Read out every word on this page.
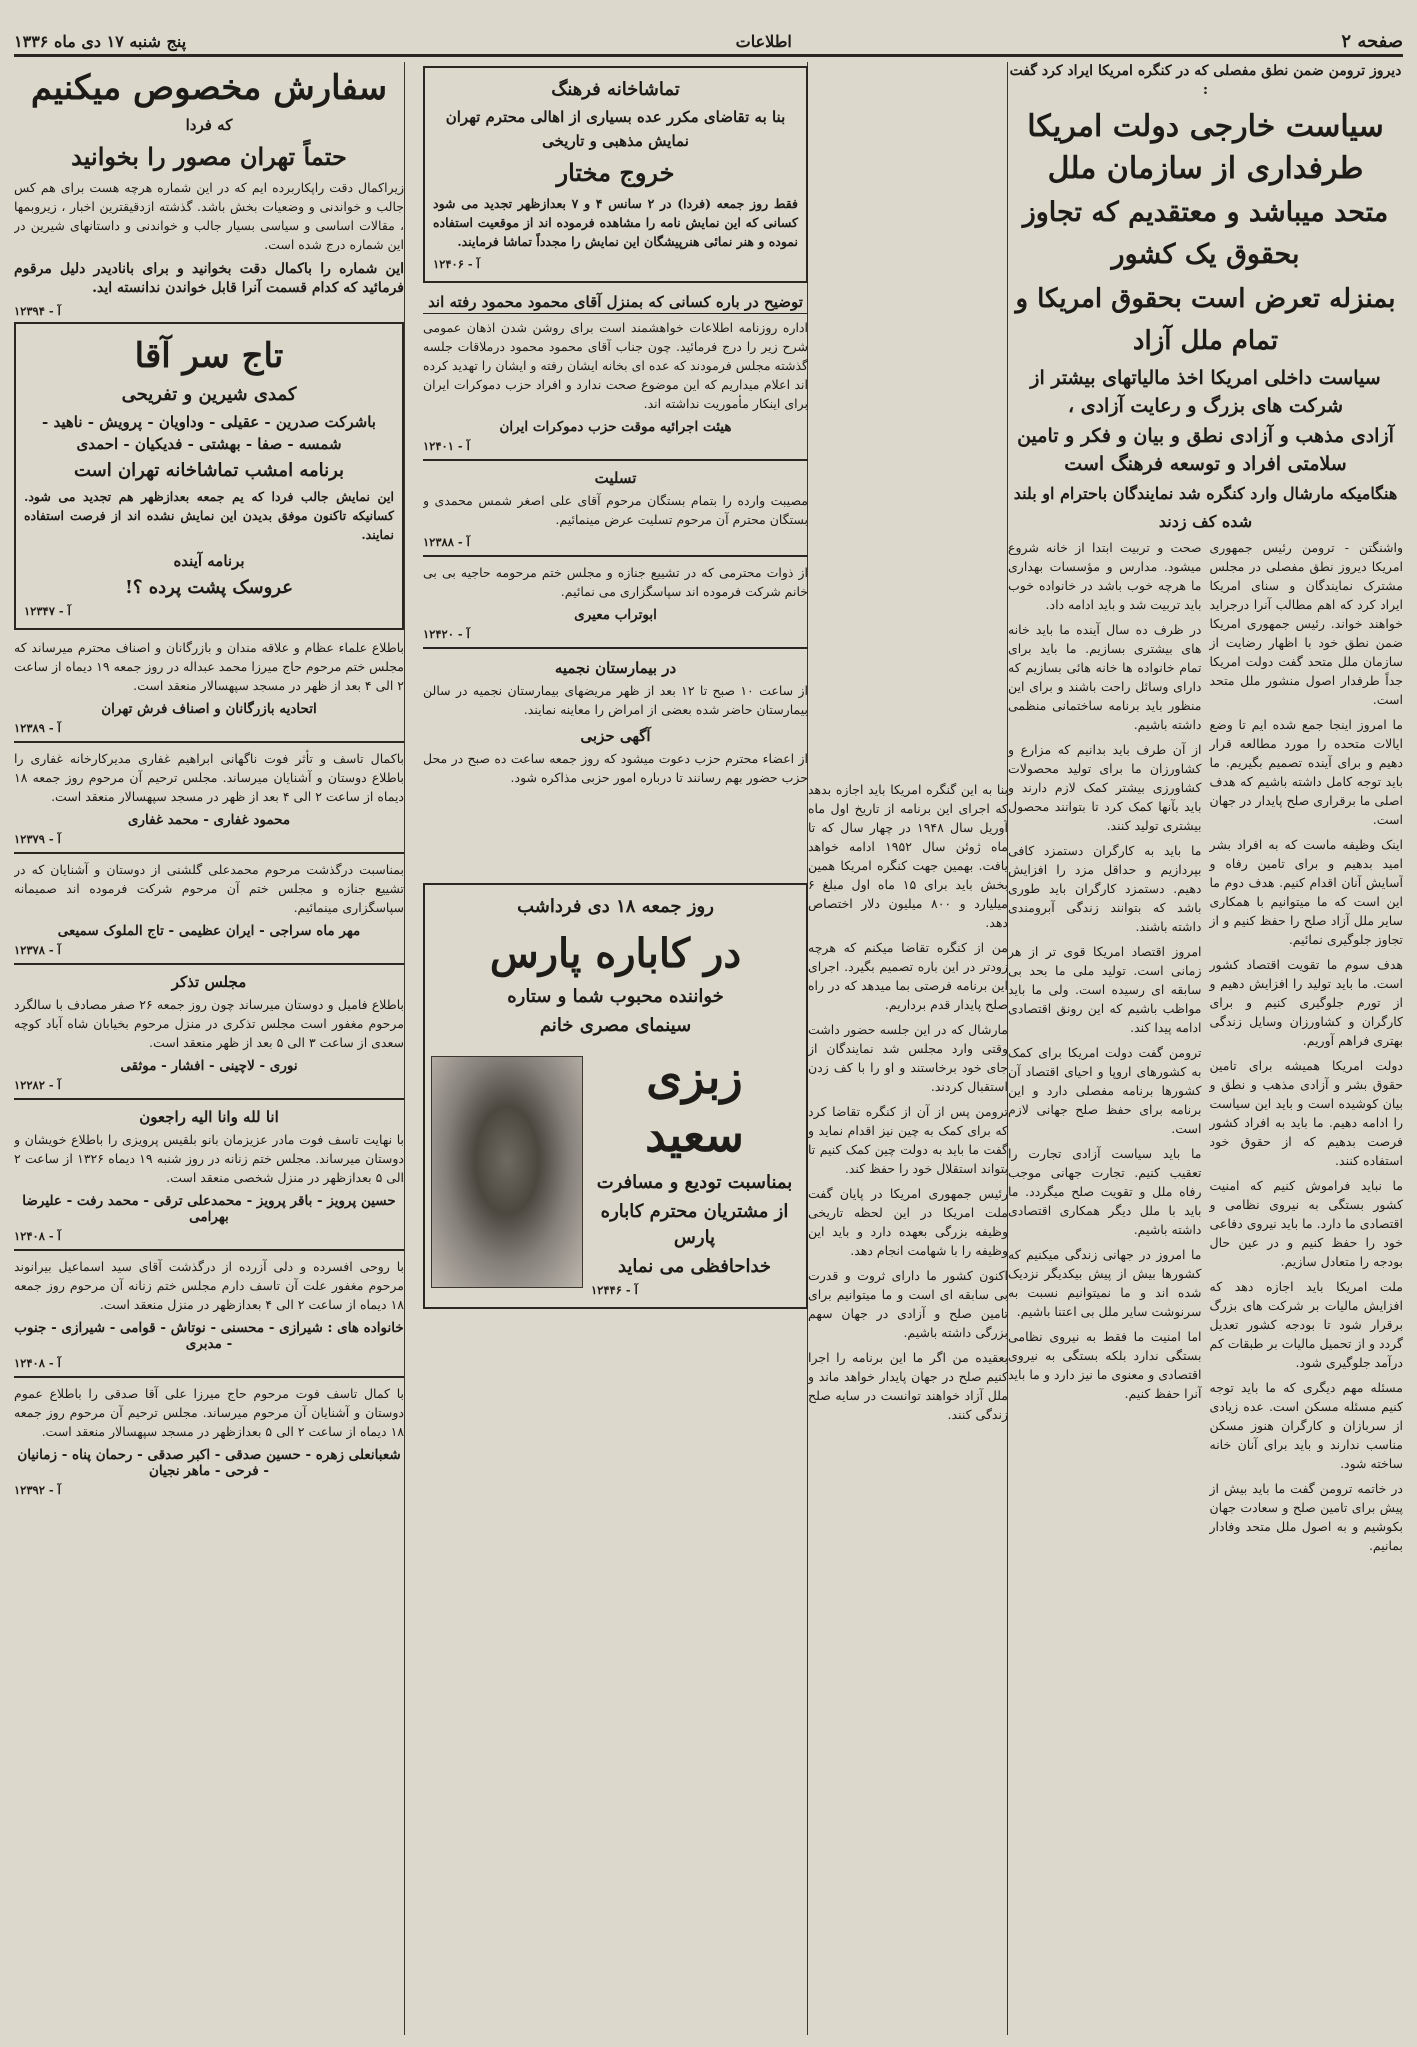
صفحه ۲
اطلاعات
پنج شنبه ۱۷ دی ماه ۱۳۳۶

دیروز ترومن ضمن نطق مفصلی که در کنگره امریکا ایراد کرد گفت :

سیاست خارجی دولت امریکا طرفداری از سازمان ملل
متحد میباشد و معتقدیم که تجاوز بحقوق یک کشور
بمنزله تعرض است بحقوق امریکا و تمام ملل آزاد
سیاست داخلی امریکا اخذ مالیاتهای بیشتر از شرکت های بزرگ و رعایت آزادی ،
آزادی مذهب و آزادی نطق و بیان و فکر و تامین سلامتی افراد و توسعه فرهنگ است
هنگامیکه مارشال وارد کنگره شد نمایندگان باحترام او بلند شده کف زدند

واشنگتن - ترومن رئیس جمهوری امریکا دیروز نطق مفصلی در مجلس مشترک نمایندگان و سنای امریکا ایراد کرد که اهم مطالب آنرا درجراید خواهند خواند. رئیس جمهوری امریکا ضمن نطق خود با اظهار رضایت از سازمان ملل متحد گفت دولت امریکا جداً طرفدار اصول منشور ملل متحد است.

ما امروز اینجا جمع شده ایم تا وضع ایالات متحده را مورد مطالعه قرار دهیم و برای آینده تصمیم بگیریم. ما باید توجه کامل داشته باشیم که هدف اصلی ما برقراری صلح پایدار در جهان است.

اینک وظیفه ماست که به افراد بشر امید بدهیم و برای تامین رفاه و آسایش آنان اقدام کنیم. هدف دوم ما این است که ما میتوانیم با همکاری سایر ملل آزاد صلح را حفظ کنیم و از تجاوز جلوگیری نمائیم.

هدف سوم ما تقویت اقتصاد کشور است. ما باید تولید را افزایش دهیم و از تورم جلوگیری کنیم و برای کارگران و کشاورزان وسایل زندگی بهتری فراهم آوریم.

دولت امریکا همیشه برای تامین حقوق بشر و آزادی مذهب و نطق و بیان کوشیده است و باید این سیاست را ادامه دهیم. ما باید به افراد کشور فرصت بدهیم که از حقوق خود استفاده کنند.

ما نباید فراموش کنیم که امنیت کشور بستگی به نیروی نظامی و اقتصادی ما دارد. ما باید نیروی دفاعی خود را حفظ کنیم و در عین حال بودجه را متعادل سازیم.

ملت امریکا باید اجازه دهد که افزایش مالیات بر شرکت های بزرگ برقرار شود تا بودجه کشور تعدیل گردد و از تحمیل مالیات بر طبقات کم درآمد جلوگیری شود.

مسئله مهم دیگری که ما باید توجه کنیم مسئله مسکن است. عده زیادی از سربازان و کارگران هنوز مسکن مناسب ندارند و باید برای آنان خانه ساخته شود.

در خاتمه ترومن گفت ما باید بیش از پیش برای تامین صلح و سعادت جهان بکوشیم و به اصول ملل متحد وفادار بمانیم.

صحت و تربیت ابتدا از خانه شروع میشود. مدارس و مؤسسات بهداری ما هرچه خوب باشد در خانواده خوب باید تربیت شد و باید ادامه داد.

در ظرف ده سال آینده ما باید خانه های بیشتری بسازیم. ما باید برای تمام خانواده ها خانه هائی بسازیم که دارای وسائل راحت باشند و برای این منظور باید برنامه ساختمانی منظمی داشته باشیم.

از آن طرف باید بدانیم که مزارع و کشاورزان ما برای تولید محصولات کشاورزی بیشتر کمک لازم دارند و باید بآنها کمک کرد تا بتوانند محصول بیشتری تولید کنند.

ما باید به کارگران دستمزد کافی بپردازیم و حداقل مزد را افزایش دهیم. دستمزد کارگران باید طوری باشد که بتوانند زندگی آبرومندی داشته باشند.

امروز اقتصاد امریکا قوی تر از هر زمانی است. تولید ملی ما بحد بی سابقه ای رسیده است. ولی ما باید مواظب باشیم که این رونق اقتصادی ادامه پیدا کند.

ترومن گفت دولت امریکا برای کمک به کشورهای اروپا و احیای اقتصاد آن کشورها برنامه مفصلی دارد و این برنامه برای حفظ صلح جهانی لازم است.

ما باید سیاست آزادی تجارت را تعقیب کنیم. تجارت جهانی موجب رفاه ملل و تقویت صلح میگردد. ما باید با ملل دیگر همکاری اقتصادی داشته باشیم.

ما امروز در جهانی زندگی میکنیم که کشورها بیش از پیش بیکدیگر نزدیک شده اند و ما نمیتوانیم نسبت به سرنوشت سایر ملل بی اعتنا باشیم.

اما امنیت ما فقط به نیروی نظامی بستگی ندارد بلکه بستگی به نیروی اقتصادی و معنوی ما نیز دارد و ما باید آنرا حفظ کنیم.

بنا به این گنگره امریکا باید اجازه بدهد که اجرای این برنامه از تاریخ اول ماه آوریل سال ۱۹۴۸ در چهار سال که تا ماه ژوئن سال ۱۹۵۲ ادامه خواهد یافت. بهمین جهت کنگره امریکا همین بخش باید برای ۱۵ ماه اول مبلغ ۶ میلیارد و ۸۰۰ میلیون دلار اختصاص دهد.

من از کنگره تقاضا میکنم که هرچه زودتر در این باره تصمیم بگیرد. اجرای این برنامه فرصتی بما میدهد که در راه صلح پایدار قدم برداریم.

مارشال که در این جلسه حضور داشت وقتی وارد مجلس شد نمایندگان از جای خود برخاستند و او را با کف زدن استقبال کردند.

ترومن پس از آن از کنگره تقاضا کرد که برای کمک به چین نیز اقدام نماید و گفت ما باید به دولت چین کمک کنیم تا بتواند استقلال خود را حفظ کند.

رئیس جمهوری امریکا در پایان گفت ملت امریکا در این لحظه تاریخی وظیفه بزرگی بعهده دارد و باید این وظیفه را با شهامت انجام دهد.

اکنون کشور ما دارای ثروت و قدرت بی سابقه ای است و ما میتوانیم برای تامین صلح و آزادی در جهان سهم بزرگی داشته باشیم.

بعقیده من اگر ما این برنامه را اجرا کنیم صلح در جهان پایدار خواهد ماند و ملل آزاد خواهند توانست در سایه صلح زندگی کنند.

تماشاخانه فرهنگ
بنا به تقاضای مکرر عده بسیاری از اهالی محترم تهران
نمایش مذهبی و تاریخی
خروج مختار

فقط روز جمعه (فردا) در ۲ سانس ۴ و ۷ بعدازظهر تجدید می شود کسانی که این نمایش نامه را مشاهده فرموده اند از موقعیت استفاده نموده و هنر نمائی هنرپیشگان این نمایش را مجدداً تماشا فرمایند.

آ - ۱۲۴۰۶
توضیح در باره کسانی که بمنزل آقای محمود محمود رفته اند

اداره روزنامه اطلاعات خواهشمند است برای روشن شدن اذهان عمومی شرح زیر را درج فرمائید. چون جناب آقای محمود محمود درملاقات جلسه گذشته مجلس فرمودند که عده ای بخانه ایشان رفته و ایشان را تهدید کرده اند اعلام میداریم که این موضوع صحت ندارد و افراد حزب دموکرات ایران برای اینکار مأموریت نداشته اند.

هیئت اجرائیه موقت حزب دموکرات ایران
آ - ۱۲۴۰۱
تسلیت

مصیبت وارده را بتمام بستگان مرحوم آقای علی اصغر شمس محمدی و بستگان محترم آن مرحوم تسلیت عرض مینمائیم.

آ - ۱۲۳۸۸

از ذوات محترمی که در تشییع جنازه و مجلس ختم مرحومه حاجیه بی بی خانم شرکت فرموده اند سپاسگزاری می نمائیم.

ابوتراب معیری
آ - ۱۲۴۲۰
در بیمارستان نجمیه

از ساعت ۱۰ صبح تا ۱۲ بعد از ظهر مریضهای بیمارستان نجمیه در سالن بیمارستان حاضر شده بعضی از امراض را معاینه نمایند.

آگهی حزبی

از اعضاء محترم حزب دعوت میشود که روز جمعه ساعت ده صبح در محل حزب حضور بهم رسانند تا درباره امور حزبی مذاکره شود.

روز جمعه ۱۸ دی فرداشب
در کاباره پارس
خواننده محبوب شما و ستاره
سینمای مصری خانم
زبزی سعید
بمناسبت تودیع و مسافرت
از مشتریان محترم کاباره پارس
خداحافظی می نماید
آ - ۱۲۴۴۶
سفارش مخصوص میکنیم
که فردا
حتماً تهران مصور را بخوانید

زیراکمال دقت راپکاربرده ایم که در این شماره هرچه هست برای هم کس جالب و خواندنی و وضعیات بخش باشد. گذشته ازدقیقترین اخبار ، زیروبمها ، مقالات اساسی و سیاسی بسیار جالب و خواندنی و داستانهای شیرین در این شماره درج شده است.

این شماره را باکمال دقت بخوانید و برای بانادیدر دلیل مرقوم فرمائید که کدام قسمت آنرا قابل خواندن ندانسته اید.

آ - ۱۲۳۹۴
تاج سر آقا
کمدی شیرین و تفریحی
باشرکت صدرین - عقیلی - وداویان - پرویش - ناهید - شمسه - صفا - بهشتی - فدیکیان - احمدی
برنامه امشب تماشاخانه تهران است

این نمایش جالب فردا که یم جمعه بعدازظهر هم تجدید می شود. کسانیکه تاکنون موفق بدیدن این نمایش نشده اند از فرصت استفاده نمایند.

برنامه آینده
عروسک پشت پرده ؟!
آ - ۱۲۳۴۷

باطلاع علماء عظام و علاقه مندان و بازرگانان و اصناف محترم میرساند که مجلس ختم مرحوم حاج میرزا محمد عبداله در روز جمعه ۱۹ دیماه از ساعت ۲ الی ۴ بعد از ظهر در مسجد سپهسالار منعقد است.

اتحادیه بازرگانان و اصناف فرش تهران
آ - ۱۲۳۸۹

باکمال تاسف و تأثر فوت ناگهانی ابراهیم غفاری مدیرکارخانه غفاری را باطلاع دوستان و آشنایان میرساند. مجلس ترحیم آن مرحوم روز جمعه ۱۸ دیماه از ساعت ۲ الی ۴ بعد از ظهر در مسجد سپهسالار منعقد است.

محمود غفاری - محمد غفاری
آ - ۱۲۳۷۹

بمناسبت درگذشت مرحوم محمدعلی گلشنی از دوستان و آشنایان که در تشییع جنازه و مجلس ختم آن مرحوم شرکت فرموده اند صمیمانه سپاسگزاری مینمائیم.

مهر ماه سراجی - ایران عظیمی - تاج الملوک سمیعی
آ - ۱۲۳۷۸
مجلس تذکر

باطلاع فامیل و دوستان میرساند چون روز جمعه ۲۶ صفر مصادف با سالگرد مرحوم مغفور است مجلس تذکری در منزل مرحوم بخیابان شاه آباد کوچه سعدی از ساعت ۳ الی ۵ بعد از ظهر منعقد است.

نوری - لاچینی - افشار - موثقی
آ - ۱۲۲۸۲
انا لله وانا الیه راجعون

با نهایت تاسف فوت مادر عزیزمان بانو بلقیس پرویزی را باطلاع خویشان و دوستان میرساند. مجلس ختم زنانه در روز شنبه ۱۹ دیماه ۱۳۲۶ از ساعت ۲ الی ۵ بعدازظهر در منزل شخصی منعقد است.

حسین پرویز - باقر پرویز - محمدعلی ترقی - محمد رفت - علیرضا بهرامی
آ - ۱۲۴۰۸

با روحی افسرده و دلی آزرده از درگذشت آقای سید اسماعیل بیرانوند مرحوم مغفور علت آن تاسف دارم مجلس ختم زنانه آن مرحوم روز جمعه ۱۸ دیماه از ساعت ۲ الی ۴ بعدازظهر در منزل منعقد است.

خانواده های : شیرازی - محسنی - نوتاش - قوامی - شیرازی - جنوب - مدبری
آ - ۱۲۴۰۸

با کمال تاسف فوت مرحوم حاج میرزا علی آقا صدقی را باطلاع عموم دوستان و آشنایان آن مرحوم میرساند. مجلس ترحیم آن مرحوم روز جمعه ۱۸ دیماه از ساعت ۲ الی ۵ بعدازظهر در مسجد سپهسالار منعقد است.

شعبانعلی زهره - حسین صدقی - اکبر صدقی - رحمان پناه - زمانیان - فرحی - ماهر نجیان
آ - ۱۲۳۹۲
